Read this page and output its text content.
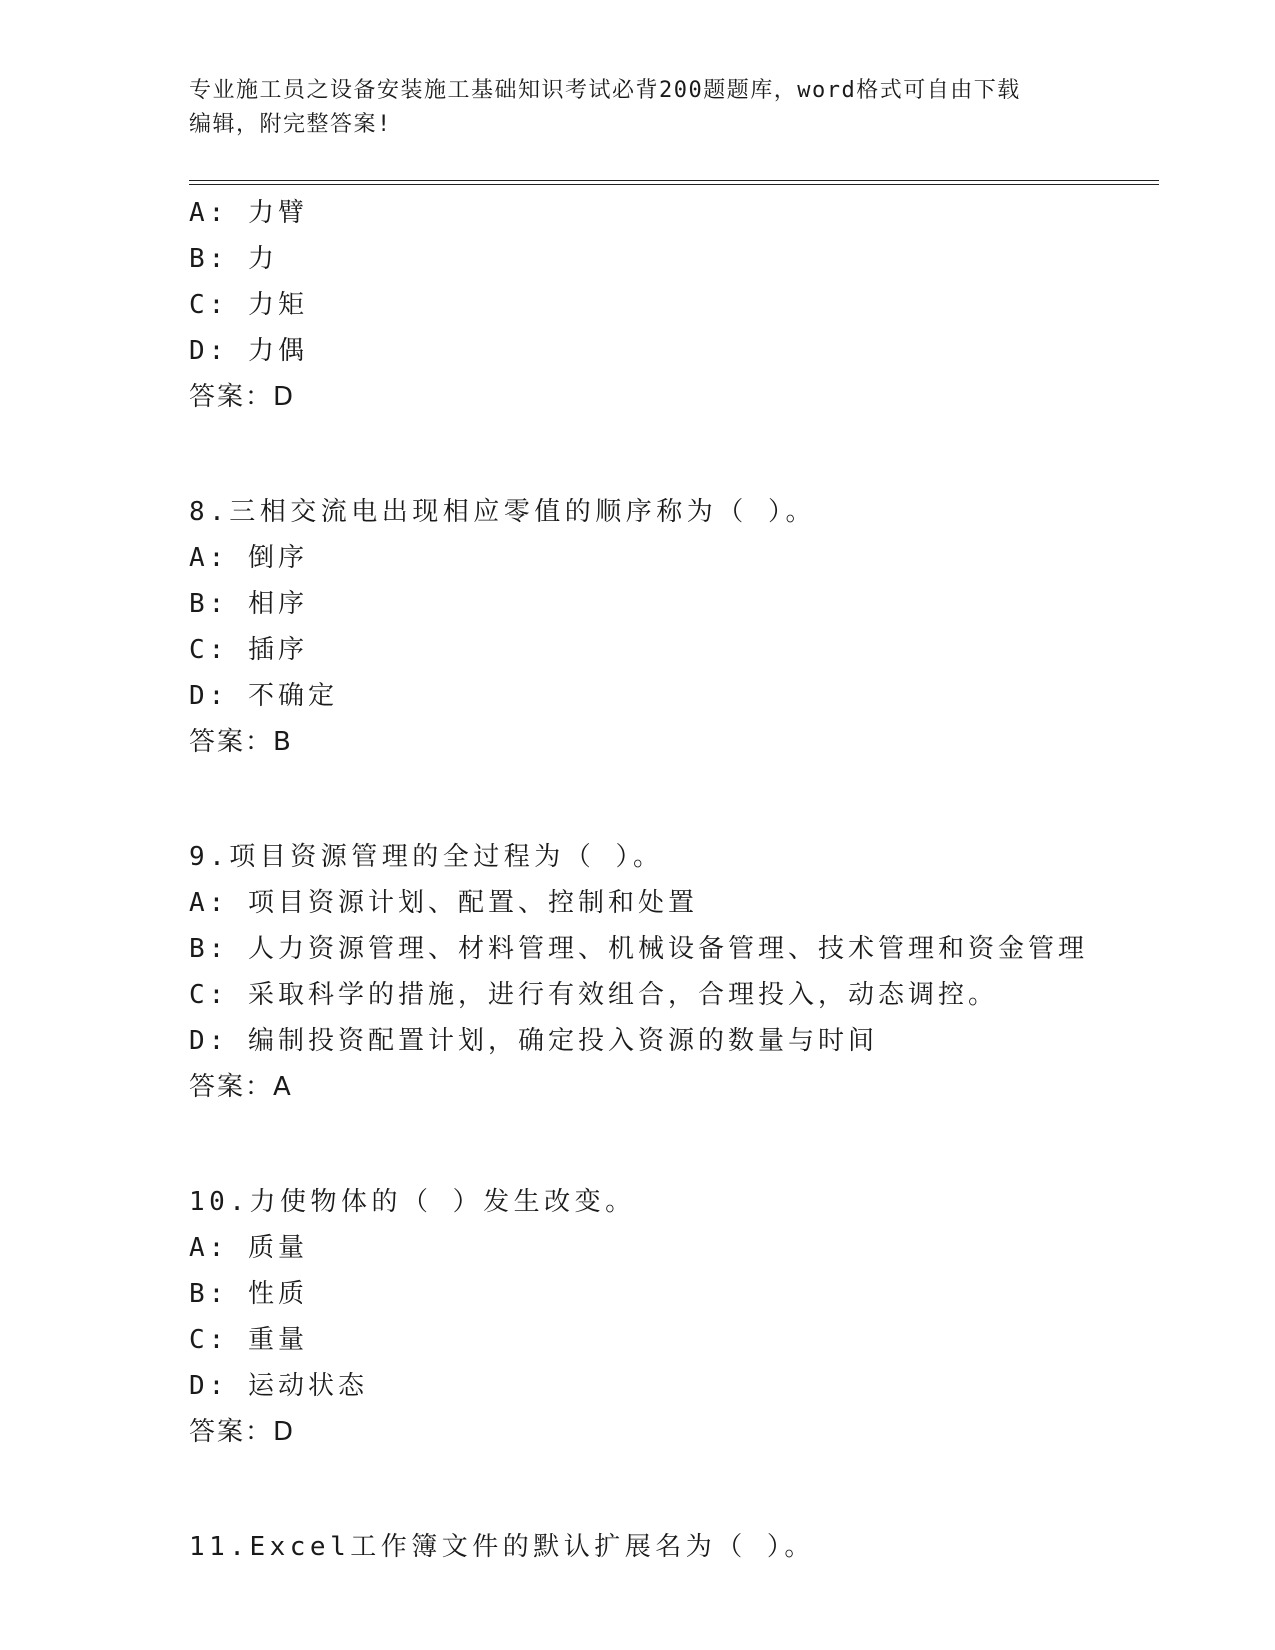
专业施工员之设备安装施工基础知识考试必背200题题库，word格式可自由下载
编辑，附完整答案!
A: 力臂
B: 力
C: 力矩
D: 力偶
答案：D
8.三相交流电出现相应零值的顺序称为（ ）。
A: 倒序
B: 相序
C: 插序
D: 不确定
答案：B
9.项目资源管理的全过程为（ ）。
A: 项目资源计划、配置、控制和处置
B: 人力资源管理、材料管理、机械设备管理、技术管理和资金管理
C: 采取科学的措施，进行有效组合，合理投入，动态调控。
D: 编制投资配置计划，确定投入资源的数量与时间
答案：A
10.力使物体的（ ）发生改变。
A: 质量
B: 性质
C: 重量
D: 运动状态
答案：D
11.Excel工作簿文件的默认扩展名为（ ）。
